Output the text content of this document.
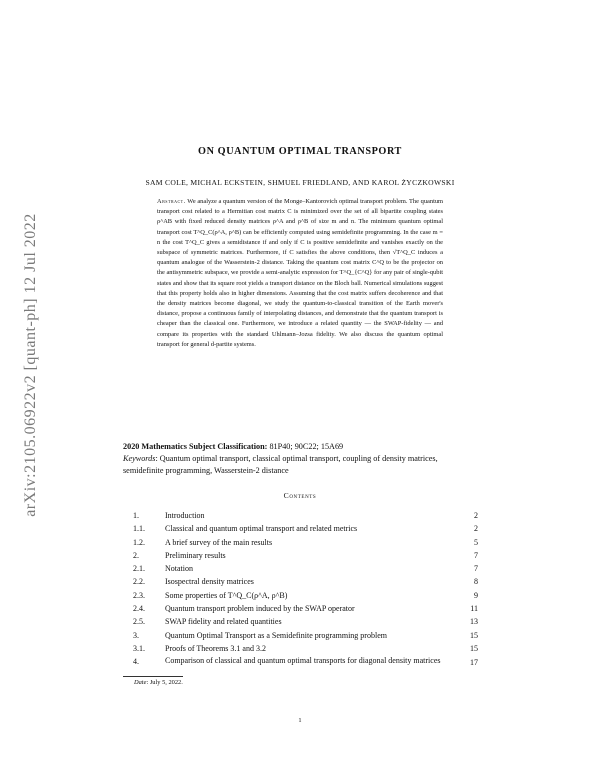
arXiv:2105.06922v2 [quant-ph] 12 Jul 2022
ON QUANTUM OPTIMAL TRANSPORT
SAM COLE, MICHAL ECKSTEIN, SHMUEL FRIEDLAND, AND KAROL ŻYCZKOWSKI
Abstract. We analyze a quantum version of the Monge–Kantorovich optimal transport problem. The quantum transport cost related to a Hermitian cost matrix C is minimized over the set of all bipartite coupling states ρ^AB with fixed reduced density matrices ρ^A and ρ^B of size m and n. The minimum quantum optimal transport cost T^Q_C(ρ^A, ρ^B) can be efficiently computed using semidefinite programming. In the case m = n the cost T^Q_C gives a semidistance if and only if C is positive semidefinite and vanishes exactly on the subspace of symmetric matrices. Furthermore, if C satisfies the above conditions, then √T^Q_C induces a quantum analogue of the Wasserstein-2 distance. Taking the quantum cost matrix C^Q to be the projector on the antisymmetric subspace, we provide a semi-analytic expression for T^Q_{C^Q} for any pair of single-qubit states and show that its square root yields a transport distance on the Bloch ball. Numerical simulations suggest that this property holds also in higher dimensions. Assuming that the cost matrix suffers decoherence and that the density matrices become diagonal, we study the quantum-to-classical transition of the Earth mover's distance, propose a continuous family of interpolating distances, and demonstrate that the quantum transport is cheaper than the classical one. Furthermore, we introduce a related quantity — the SWAP-fidelity — and compare its properties with the standard Uhlmann–Jozsa fidelity. We also discuss the quantum optimal transport for general d-partite systems.
2020 Mathematics Subject Classification: 81P40; 90C22; 15A69
Keywords: Quantum optimal transport, classical optimal transport, coupling of density matrices, semidefinite programming, Wasserstein-2 distance
Contents
1.	Introduction	2
1.1.	Classical and quantum optimal transport and related metrics	2
1.2.	A brief survey of the main results	5
2.	Preliminary results	7
2.1.	Notation	7
2.2.	Isospectral density matrices	8
2.3.	Some properties of T^Q_C(ρ^A, ρ^B)	9
2.4.	Quantum transport problem induced by the SWAP operator	11
2.5.	SWAP fidelity and related quantities	13
3.	Quantum Optimal Transport as a Semidefinite programming problem	15
3.1.	Proofs of Theorems 3.1 and 3.2	15
4.	Comparison of classical and quantum optimal transports for diagonal density matrices	17
Date: July 5, 2022.
1
